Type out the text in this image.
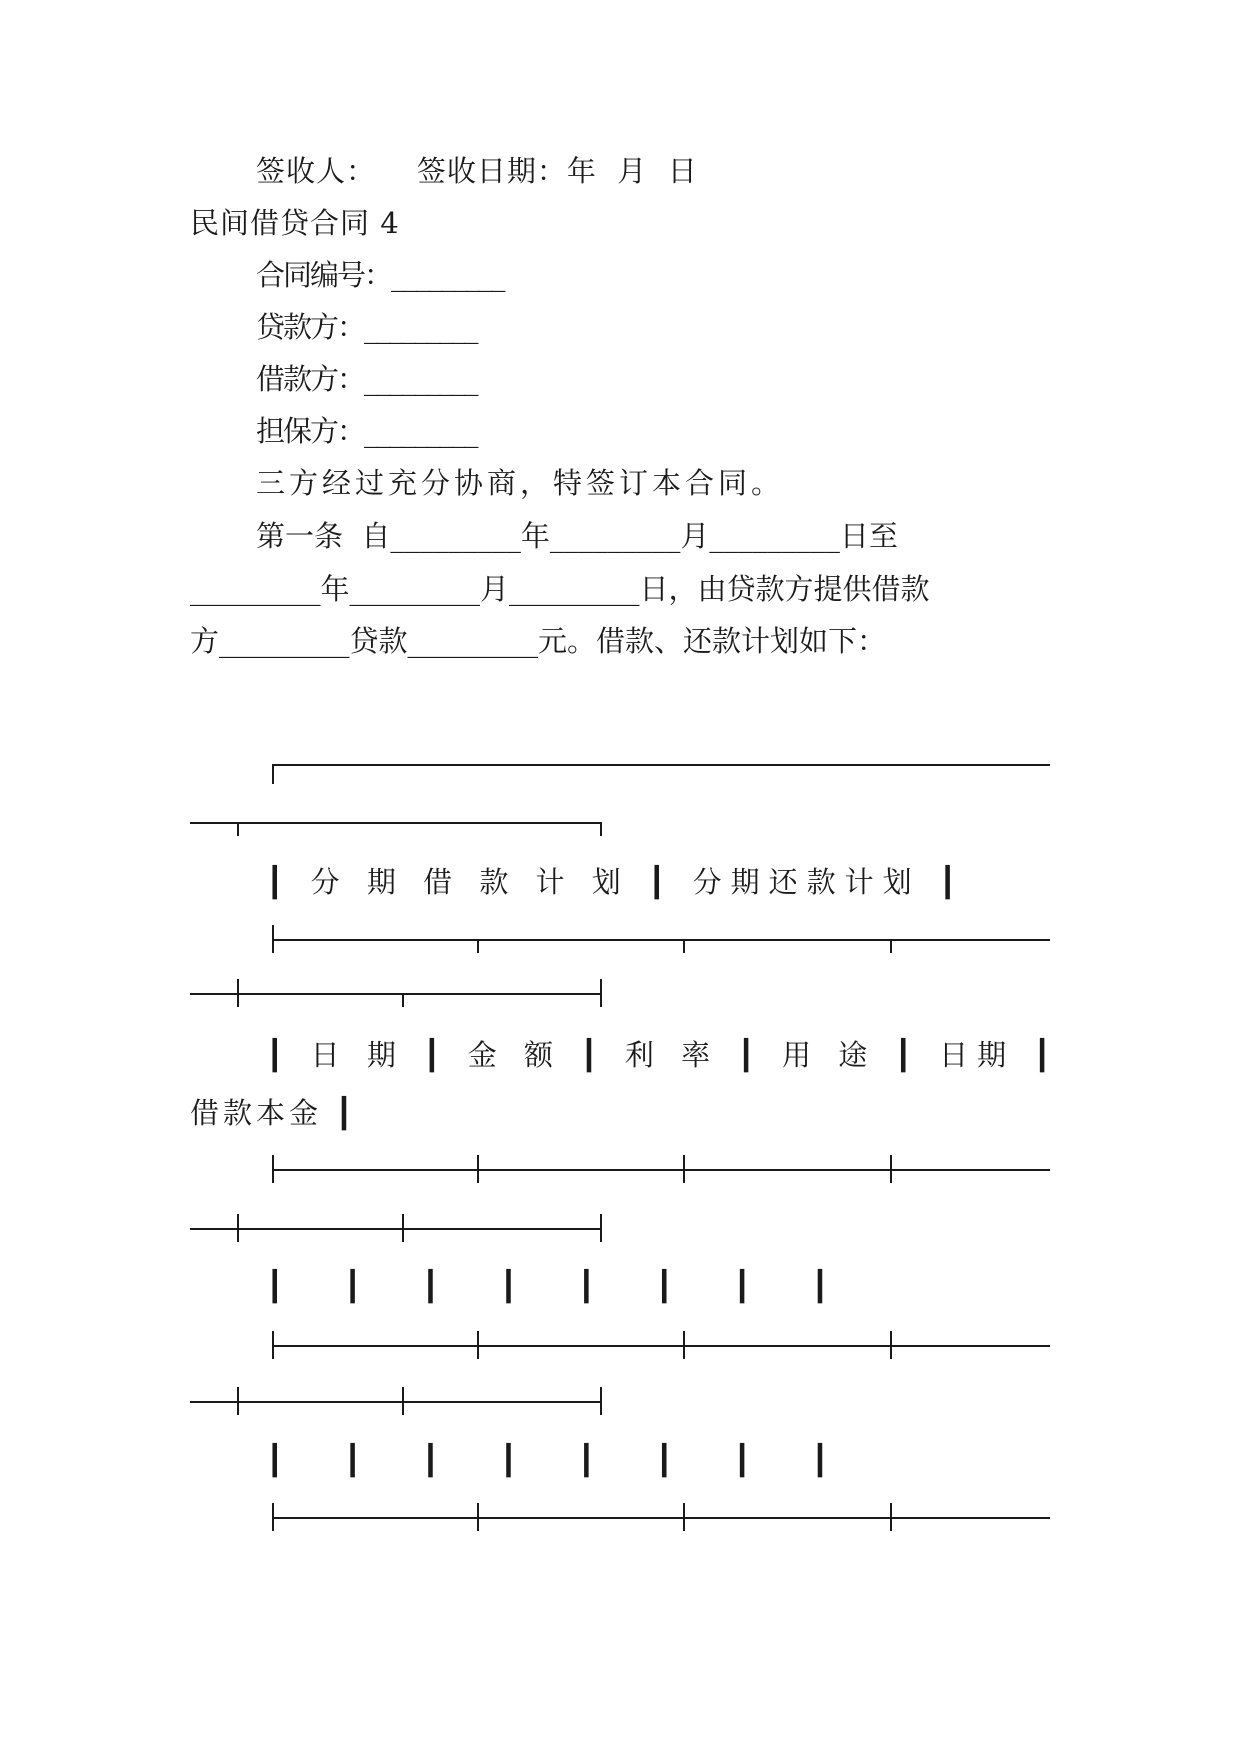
签收人：    签收日期：年  月  日
民间借贷合同 4
合同编号：_________
贷款方：_________
借款方：_________
担保方：_________
三方经过充分协商，特签订本合同。
第一条  自_________年_________月_________日至
_________年_________月_________日，由贷款方提供借款
方_________贷款_________元。借款、还款计划如下：
┃ 分 期 借 款 计 划 ┃ 分期还款计划 ┃
┃ 日 期 ┃ 金 额 ┃ 利 率 ┃ 用 途 ┃ 日期 ┃
借款本金 ┃
┃  ┃  ┃  ┃  ┃  ┃  ┃  ┃
┃  ┃  ┃  ┃  ┃  ┃  ┃  ┃
